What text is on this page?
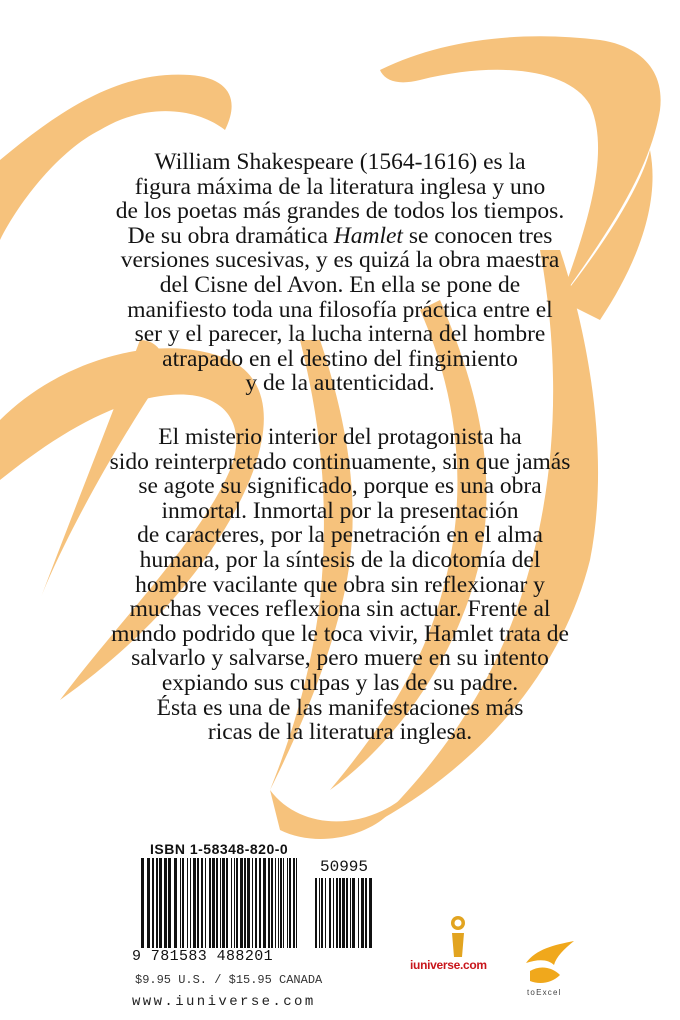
William Shakespeare (1564-1616) es la
figura máxima de la literatura inglesa y uno
de los poetas más grandes de todos los tiempos.
De su obra dramática Hamlet se conocen tres
versiones sucesivas, y es quizá la obra maestra
del Cisne del Avon. En ella se pone de
manifiesto toda una filosofía práctica entre el
ser y el parecer, la lucha interna del hombre
atrapado en el destino del fingimiento
y de la autenticidad.
El misterio interior del protagonista ha
sido reinterpretado continuamente, sin que jamás
se agote su significado, porque es una obra
inmortal. Inmortal por la presentación
de caracteres, por la penetración en el alma
humana, por la síntesis de la dicotomía del
hombre vacilante que obra sin reflexionar y
muchas veces reflexiona sin actuar. Frente al
mundo podrido que le toca vivir, Hamlet trata de
salvarlo y salvarse, pero muere en su intento
expiando sus culpas y las de su padre.
Ésta es una de las manifestaciones más
ricas de la literatura inglesa.
ISBN 1-58348-820-0
50995
9 781583 488201
$9.95 U.S. / $15.95 CANADA
www.iuniverse.com
iuniverse.com
toExcel
